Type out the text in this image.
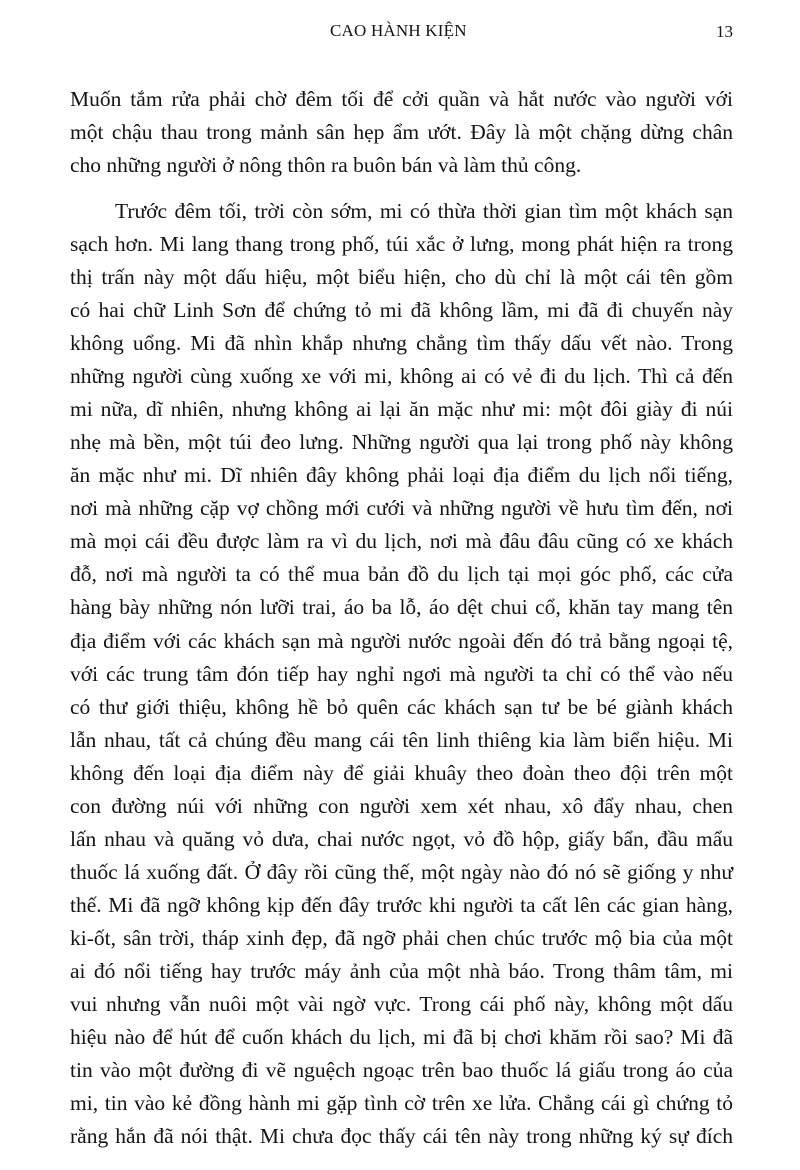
CAO HÀNH KIỆN	13
Muốn tắm rửa phải chờ đêm tối để cởi quần và hắt nước vào người với
một chậu thau trong mảnh sân hẹp ẩm ướt. Đây là một chặng dừng chân
cho những người ở nông thôn ra buôn bán và làm thủ công.
Trước đêm tối, trời còn sớm, mi có thừa thời gian tìm một khách sạn
sạch hơn. Mi lang thang trong phố, túi xắc ở lưng, mong phát hiện ra trong
thị trấn này một dấu hiệu, một biểu hiện, cho dù chỉ là một cái tên gồm
có hai chữ Linh Sơn để chứng tỏ mi đã không lầm, mi đã đi chuyến này
không uổng. Mi đã nhìn khắp nhưng chẳng tìm thấy dấu vết nào. Trong
những người cùng xuống xe với mi, không ai có vẻ đi du lịch. Thì cả đến
mi nữa, dĩ nhiên, nhưng không ai lại ăn mặc như mi: một đôi giày đi núi
nhẹ mà bền, một túi đeo lưng. Những người qua lại trong phố này không
ăn mặc như mi. Dĩ nhiên đây không phải loại địa điểm du lịch nổi tiếng,
nơi mà những cặp vợ chồng mới cưới và những người về hưu tìm đến, nơi
mà mọi cái đều được làm ra vì du lịch, nơi mà đâu đâu cũng có xe khách
đỗ, nơi mà người ta có thể mua bản đồ du lịch tại mọi góc phố, các cửa
hàng bày những nón lưỡi trai, áo ba lỗ, áo dệt chui cổ, khăn tay mang tên
địa điểm với các khách sạn mà người nước ngoài đến đó trả bằng ngoại tệ,
với các trung tâm đón tiếp hay nghỉ ngơi mà người ta chỉ có thể vào nếu
có thư giới thiệu, không hề bỏ quên các khách sạn tư be bé giành khách
lẫn nhau, tất cả chúng đều mang cái tên linh thiêng kia làm biển hiệu. Mi
không đến loại địa điểm này để giải khuây theo đoàn theo đội trên một
con đường núi với những con người xem xét nhau, xô đẩy nhau, chen
lấn nhau và quăng vỏ dưa, chai nước ngọt, vỏ đồ hộp, giấy bẩn, đầu mẩu
thuốc lá xuống đất. Ở đây rồi cũng thế, một ngày nào đó nó sẽ giống y như
thế. Mi đã ngỡ không kịp đến đây trước khi người ta cất lên các gian hàng,
ki-ốt, sân trời, tháp xinh đẹp, đã ngỡ phải chen chúc trước mộ bia của một
ai đó nổi tiếng hay trước máy ảnh của một nhà báo. Trong thâm tâm, mi
vui nhưng vẫn nuôi một vài ngờ vực. Trong cái phố này, không một dấu
hiệu nào để hút để cuốn khách du lịch, mi đã bị chơi khăm rồi sao? Mi đã
tin vào một đường đi vẽ nguệch ngoạc trên bao thuốc lá giấu trong áo của
mi, tin vào kẻ đồng hành mi gặp tình cờ trên xe lửa. Chẳng cái gì chứng tỏ
rằng hắn đã nói thật. Mi chưa đọc thấy cái tên này trong những ký sự đích
